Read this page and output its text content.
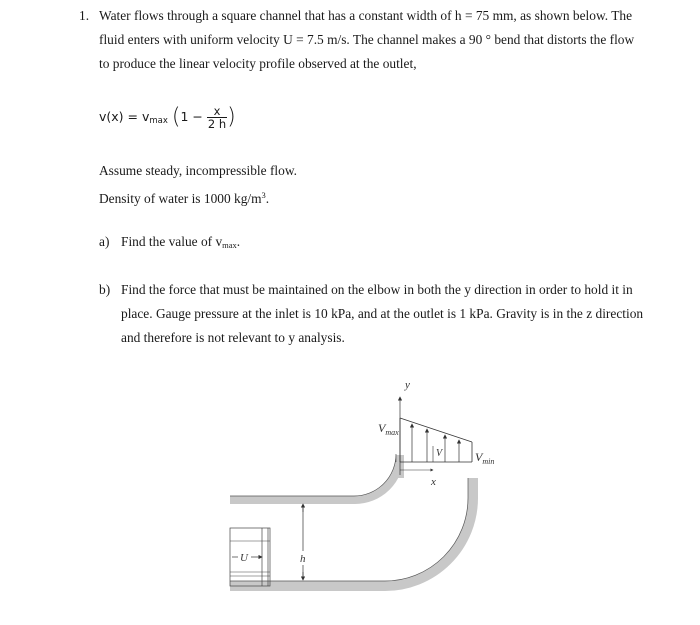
1. Water flows through a square channel that has a constant width of h = 75 mm, as shown below. The
fluid enters with uniform velocity U = 7.5 m/s. The channel makes a 90 ° bend that distorts the flow
to produce the linear velocity profile observed at the outlet,
$v(x) = v_{max}$ ($1 - \frac{x}{2 h}$ )
Assume steady, incompressible flow.
Density of water is 1000 $kg/m^3$.
a) Find the value of $v_{max}$.
b) Find the force that must be maintained on the elbow in both the y direction in order to hold it in
place. Gauge pressure at the inlet is 10 kPa, and at the outlet is 1 kPa. Gravity is in the z direction
and therefore is not relevant to y analysis.
y
x
V
$V_{max}$
$V_{min}$
U	h
